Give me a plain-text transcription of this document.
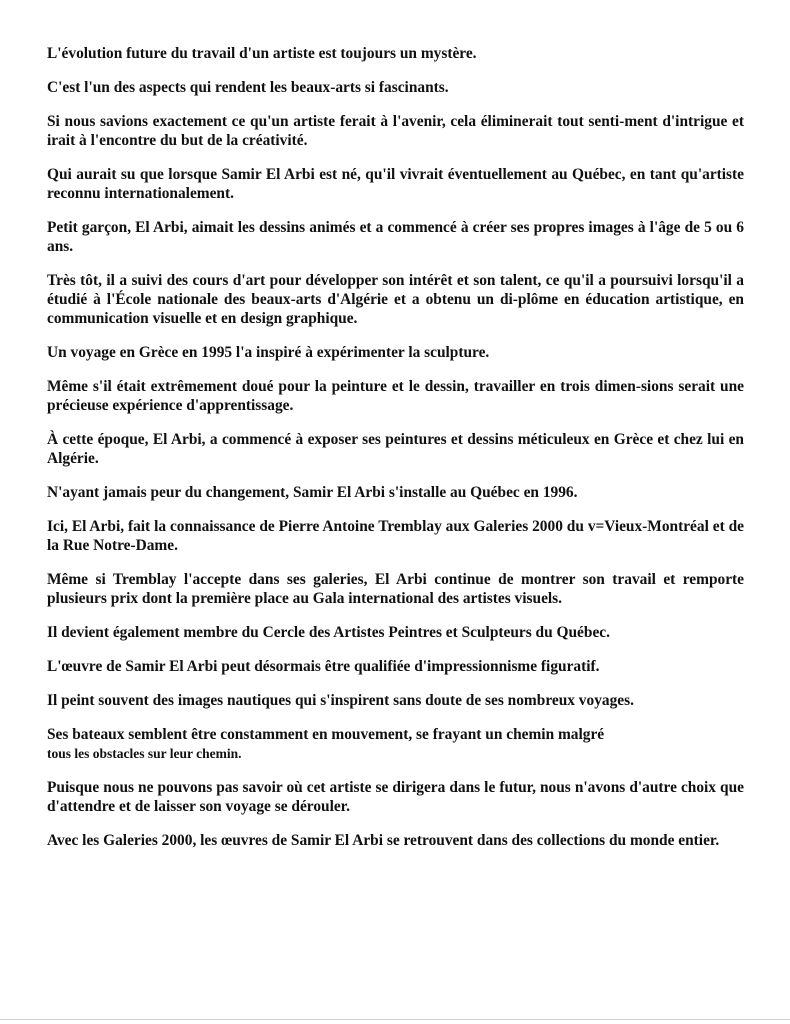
L'évolution future du travail d'un artiste est toujours un mystère.

C'est l'un des aspects qui rendent les beaux-arts si fascinants.

Si nous savions exactement ce qu'un artiste ferait à l'avenir, cela éliminerait tout senti-ment d'intrigue et irait à l'encontre du but de la créativité.

Qui aurait su que lorsque Samir El Arbi est né, qu'il vivrait éventuellement au Québec, en tant qu'artiste reconnu internationalement.

Petit garçon, El Arbi, aimait les dessins animés et a commencé à créer ses propres images à l'âge de 5 ou 6 ans.

Très tôt, il a suivi des cours d'art pour développer son intérêt et son talent, ce qu'il a poursuivi lorsqu'il a étudié à l'École nationale des beaux-arts d'Algérie et a obtenu un di-plôme en éducation artistique, en communication visuelle et en design graphique.

Un voyage en Grèce en 1995 l'a inspiré à expérimenter la sculpture.

Même s'il était extrêmement doué pour la peinture et le dessin, travailler en trois dimen-sions serait une précieuse expérience d'apprentissage.

À cette époque, El Arbi, a commencé à exposer ses peintures et dessins méticuleux en Grèce et chez lui en Algérie.

N'ayant jamais peur du changement, Samir El Arbi s'installe au Québec en 1996.

Ici, El Arbi, fait la connaissance de Pierre Antoine Tremblay aux Galeries 2000 du v=Vieux-Montréal et de la Rue Notre-Dame.

Même si Tremblay l'accepte dans ses galeries, El Arbi continue de montrer son travail et remporte plusieurs prix dont la première place au Gala international des artistes visuels.

Il devient également membre du Cercle des Artistes Peintres et Sculpteurs du Québec.

L'œuvre de Samir El Arbi peut désormais être qualifiée d'impressionnisme figuratif.

Il peint souvent des images nautiques qui s'inspirent sans doute de ses nombreux voyages.

Ses bateaux semblent être constamment en mouvement, se frayant un chemin malgré
tous les obstacles sur leur chemin.

Puisque nous ne pouvons pas savoir où cet artiste se dirigera dans le futur, nous n'avons d'autre choix que d'attendre et de laisser son voyage se dérouler.

Avec les Galeries 2000, les œuvres de Samir El Arbi se retrouvent dans des collections du monde entier.
